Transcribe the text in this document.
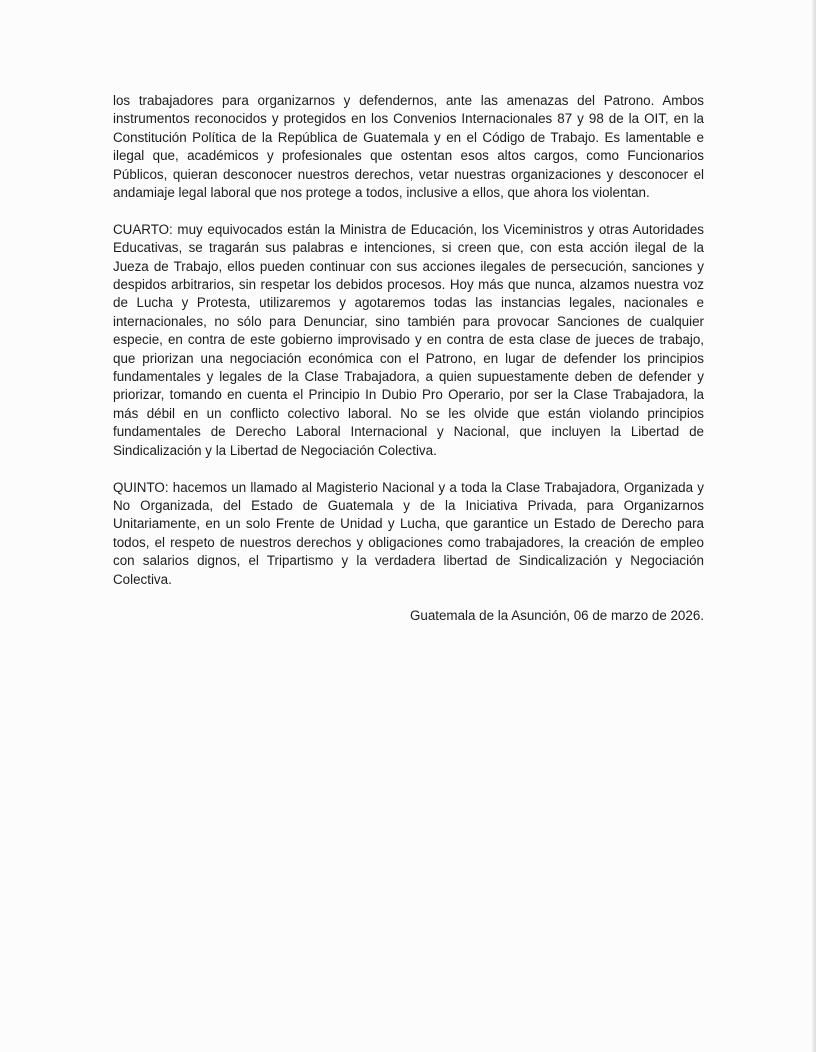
los trabajadores para organizarnos y defendernos, ante las amenazas del Patrono. Ambos instrumentos reconocidos y protegidos en los Convenios Internacionales 87 y 98 de la OIT, en la Constitución Política de la República de Guatemala y en el Código de Trabajo. Es lamentable e ilegal que, académicos y profesionales que ostentan esos altos cargos, como Funcionarios Públicos, quieran desconocer nuestros derechos, vetar nuestras organizaciones y desconocer el andamiaje legal laboral que nos protege a todos, inclusive a ellos, que ahora los violentan.

CUARTO: muy equivocados están la Ministra de Educación, los Viceministros y otras Autoridades Educativas, se tragarán sus palabras e intenciones, si creen que, con esta acción ilegal de la Jueza de Trabajo, ellos pueden continuar con sus acciones ilegales de persecución, sanciones y despidos arbitrarios, sin respetar los debidos procesos. Hoy más que nunca, alzamos nuestra voz de Lucha y Protesta, utilizaremos y agotaremos todas las instancias legales, nacionales e internacionales, no sólo para Denunciar, sino también para provocar Sanciones de cualquier especie, en contra de este gobierno improvisado y en contra de esta clase de jueces de trabajo, que priorizan una negociación económica con el Patrono, en lugar de defender los principios fundamentales y legales de la Clase Trabajadora, a quien supuestamente deben de defender y priorizar, tomando en cuenta el Principio In Dubio Pro Operario, por ser la Clase Trabajadora, la más débil en un conflicto colectivo laboral. No se les olvide que están violando principios fundamentales de Derecho Laboral Internacional y Nacional, que incluyen la Libertad de Sindicalización y la Libertad de Negociación Colectiva.

QUINTO: hacemos un llamado al Magisterio Nacional y a toda la Clase Trabajadora, Organizada y No Organizada, del Estado de Guatemala y de la Iniciativa Privada, para Organizarnos Unitariamente, en un solo Frente de Unidad y Lucha, que garantice un Estado de Derecho para todos, el respeto de nuestros derechos y obligaciones como trabajadores, la creación de empleo con salarios dignos, el Tripartismo y la verdadera libertad de Sindicalización y Negociación Colectiva.

Guatemala de la Asunción, 06 de marzo de 2026.
